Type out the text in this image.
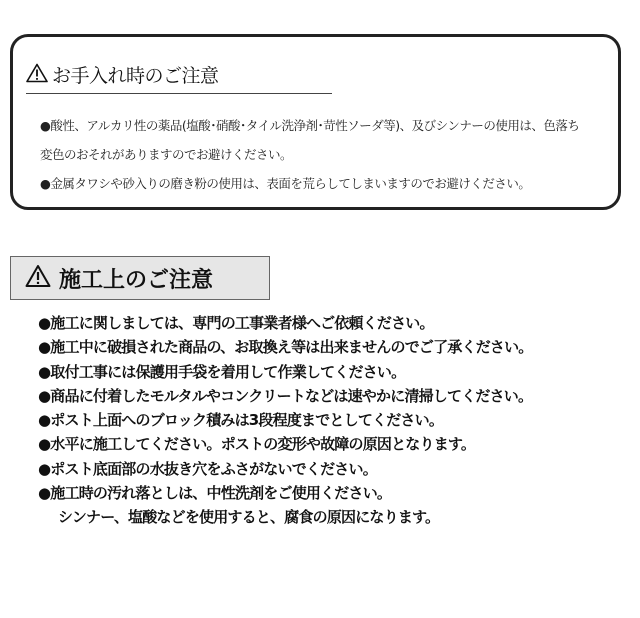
お手入れ時のご注意

●酸性、アルカリ性の薬品(塩酸･硝酸･タイル洗浄剤･苛性ソーダ等)、及びシンナーの使用は、色落ち

変色のおそれがありますのでお避けください。

●金属タワシや砂入りの磨き粉の使用は、表面を荒らしてしまいますのでお避けください。

施工上のご注意

●施工に関しましては、専門の工事業者様へご依頼ください。

●施工中に破損された商品の、お取換え等は出来ませんのでご了承ください。

●取付工事には保護用手袋を着用して作業してください。

●商品に付着したモルタルやコンクリートなどは速やかに清掃してください。

●ポスト上面へのブロック積みは3段程度までとしてください。

●水平に施工してください。ポストの変形や故障の原因となります。

●ポスト底面部の水抜き穴をふさがないでください。

●施工時の汚れ落としは、中性洗剤をご使用ください。

シンナー、塩酸などを使用すると、腐食の原因になります。
